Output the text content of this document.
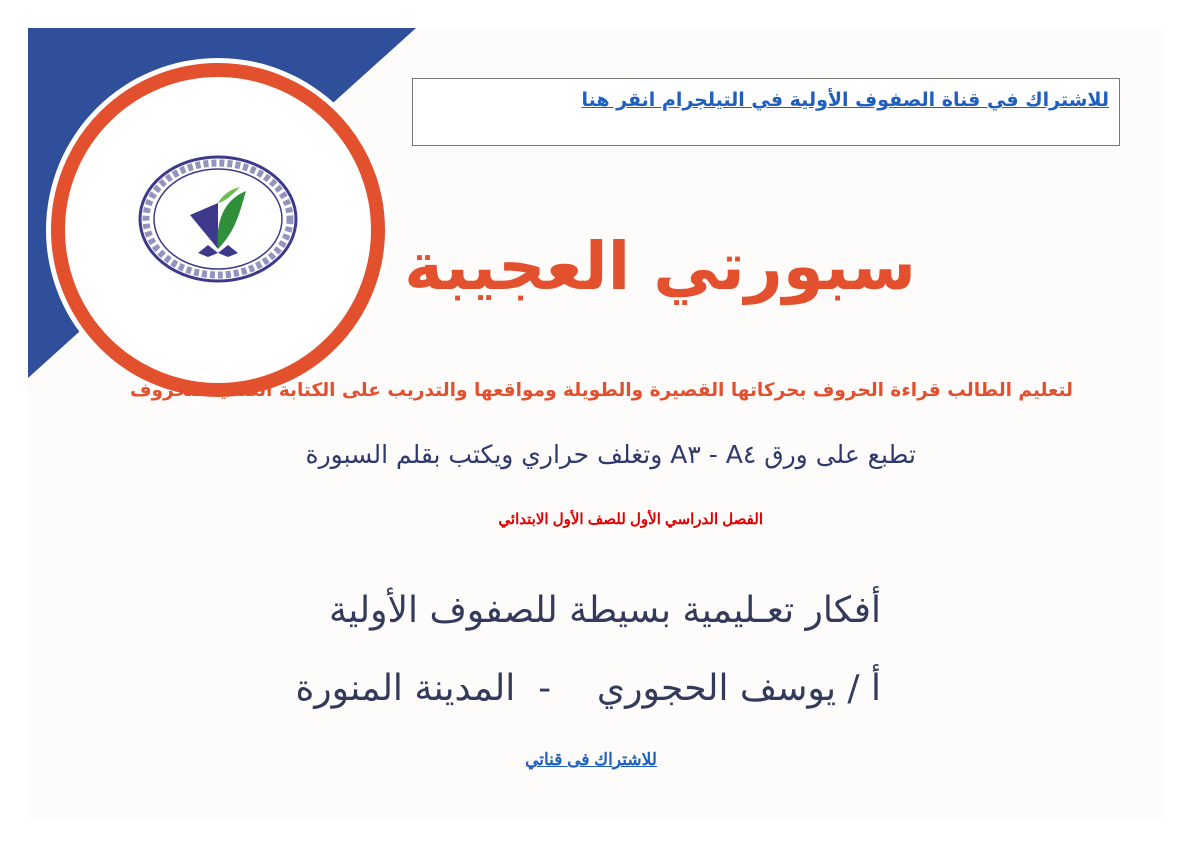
للاشتراك في قناة الصفوف الأولية في التيلجرام انقر هنا
سبورتي العجيبة
لتعليم الطالب قراءة الحروف بحركاتها القصيرة والطويلة ومواقعها والتدريب على الكتابة الصحية للحروف
تطبع على ورق A٤ - A٣ وتغلف حراري ويكتب بقلم السبورة
الفصل الدراسي الأول للصف الأول الابتدائي
أفكار تعـليمية بسيطة للصفوف الأولية
أ / يوسف الحجوري    -  المدينة المنورة
للاشتراك فى قناتي
